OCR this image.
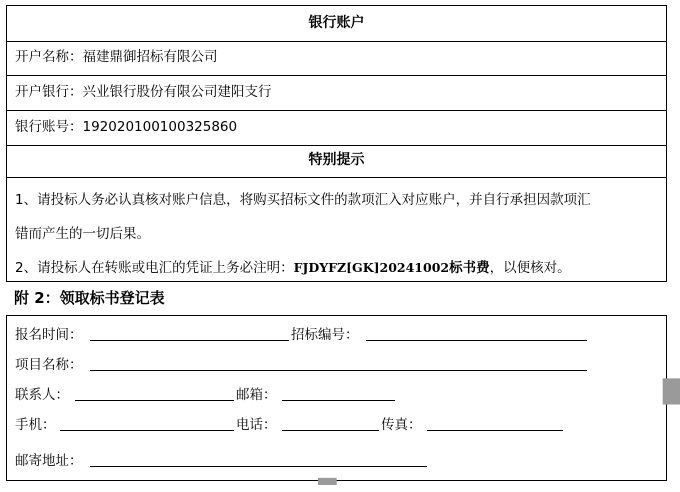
银行账户
开户名称：福建鼎御招标有限公司
开户银行：兴业银行股份有限公司建阳支行
银行账号：192020100100325860
特别提示
1、请投标人务必认真核对账户信息，将购买招标文件的款项汇入对应账户，并自行承担因款项汇
错而产生的一切后果。
2、请投标人在转账或电汇的凭证上务必注明：FJDYFZ[GK]20241002标书费，以便核对。
附 2：领取标书登记表
报名时间：	招标编号：
项目名称：
联系人：	邮箱：
手机：	电话：	传真：
邮寄地址：
█
▀▀
